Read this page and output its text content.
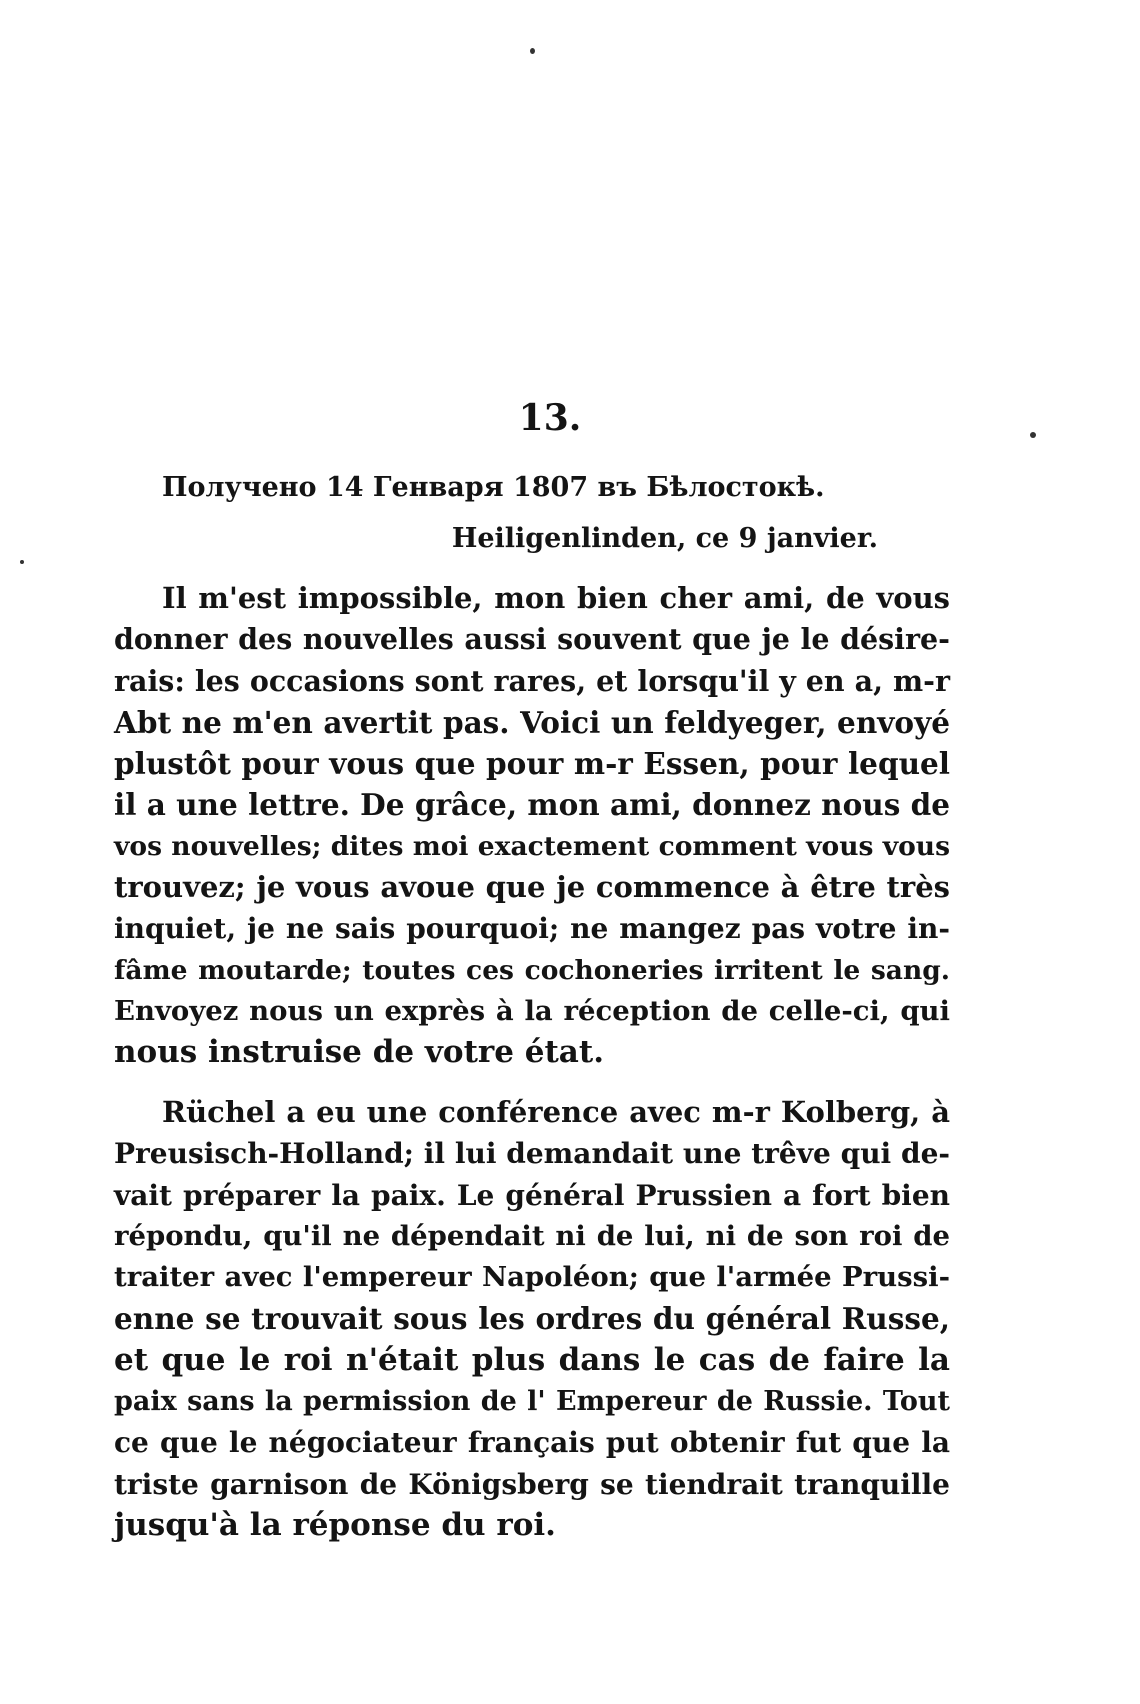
13.
Получено 14 Генваря 1807 въ Бѣлостокѣ.
Heiligenlinden, ce 9 janvier.
Il m'est impossible, mon bien cher ami, de vous
donner des nouvelles aussi souvent que je le désire-
rais: les occasions sont rares, et lorsqu'il y en a, m-r
Abt ne m'en avertit pas. Voici un feldyeger, envoyé
plustôt pour vous que pour m-r Essen, pour lequel
il a une lettre. De grâce, mon ami, donnez nous de
vos nouvelles; dites moi exactement comment vous vous
trouvez; je vous avoue que je commence à être très
inquiet, je ne sais pourquoi; ne mangez pas votre in-
fâme moutarde; toutes ces cochoneries irritent le sang.
Envoyez nous un exprès à la réception de celle-ci, qui
nous instruise de votre état.
Rüchel a eu une conférence avec m-r Kolberg, à
Preusisch-Holland; il lui demandait une trêve qui de-
vait préparer la paix. Le général Prussien a fort bien
répondu, qu'il ne dépendait ni de lui, ni de son roi de
traiter avec l'empereur Napoléon; que l'armée Prussi-
enne se trouvait sous les ordres du général Russe,
et que le roi n'était plus dans le cas de faire la
paix sans la permission de l' Empereur de Russie. Tout
ce que le négociateur français put obtenir fut que la
triste garnison de Königsberg se tiendrait tranquille
jusqu'à la réponse du roi.
